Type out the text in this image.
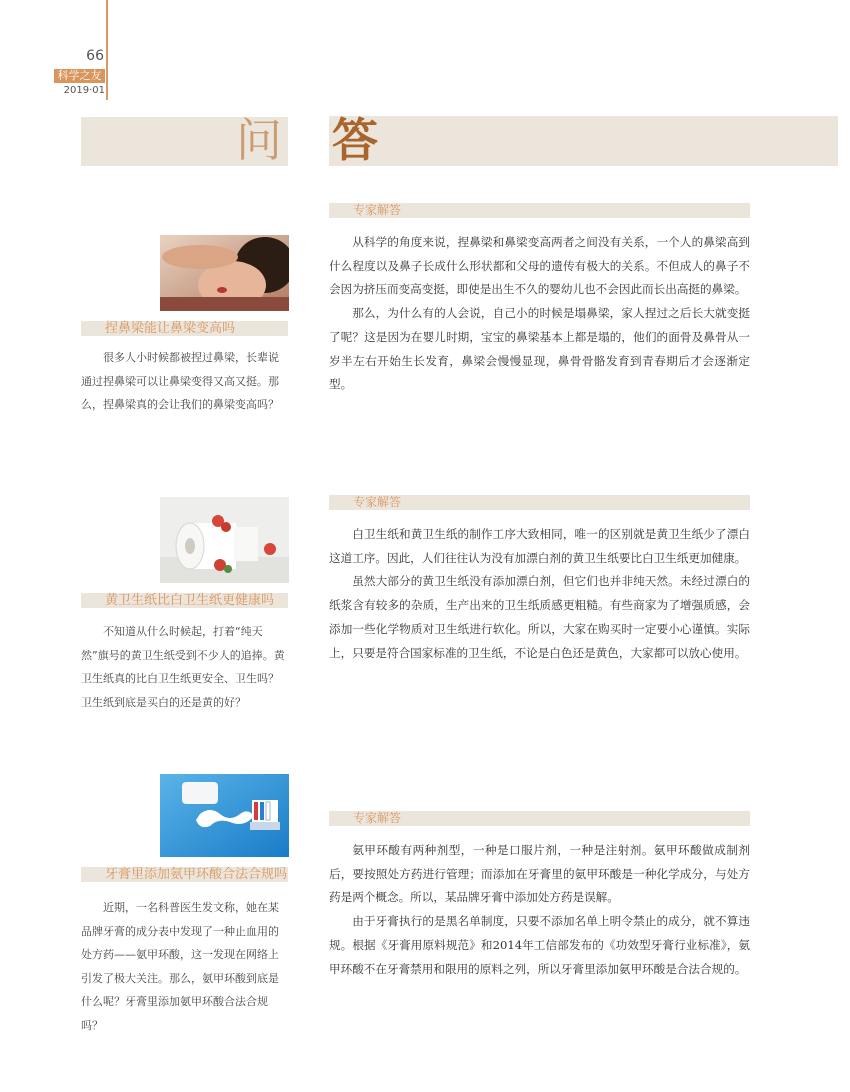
66
科学之友
2019·01
问 答
捏鼻梁能让鼻梁变高吗
很多人小时候都被捏过鼻梁，长辈说通过捏鼻梁可以让鼻梁变得又高又挺。那么，捏鼻梁真的会让我们的鼻梁变高吗？
专家解答

从科学的角度来说，捏鼻梁和鼻梁变高两者之间没有关系，一个人的鼻梁高到什么程度以及鼻子长成什么形状都和父母的遗传有极大的关系。不但成人的鼻子不会因为挤压而变高变挺，即使是出生不久的婴幼儿也不会因此而长出高挺的鼻梁。

那么，为什么有的人会说，自己小的时候是塌鼻梁，家人捏过之后长大就变挺了呢？这是因为在婴儿时期，宝宝的鼻梁基本上都是塌的，他们的面骨及鼻骨从一岁半左右开始生长发育，鼻梁会慢慢显现，鼻骨骨骼发育到青春期后才会逐渐定型。

黄卫生纸比白卫生纸更健康吗
不知道从什么时候起，打着“纯天然”旗号的黄卫生纸受到不少人的追捧。黄卫生纸真的比白卫生纸更安全、卫生吗？卫生纸到底是买白的还是黄的好？
专家解答

白卫生纸和黄卫生纸的制作工序大致相同，唯一的区别就是黄卫生纸少了漂白这道工序。因此，人们往往认为没有加漂白剂的黄卫生纸要比白卫生纸更加健康。

虽然大部分的黄卫生纸没有添加漂白剂，但它们也并非纯天然。未经过漂白的纸浆含有较多的杂质，生产出来的卫生纸质感更粗糙。有些商家为了增强质感，会添加一些化学物质对卫生纸进行软化。所以，大家在购买时一定要小心谨慎。实际上，只要是符合国家标准的卫生纸，不论是白色还是黄色，大家都可以放心使用。

牙膏里添加氨甲环酸合法合规吗
近期，一名科普医生发文称，她在某品牌牙膏的成分表中发现了一种止血用的处方药——氨甲环酸，这一发现在网络上引发了极大关注。那么，氨甲环酸到底是什么呢？牙膏里添加氨甲环酸合法合规吗？
专家解答

氨甲环酸有两种剂型，一种是口服片剂，一种是注射剂。氨甲环酸做成制剂后，要按照处方药进行管理；而添加在牙膏里的氨甲环酸是一种化学成分，与处方药是两个概念。所以，某品牌牙膏中添加处方药是误解。

由于牙膏执行的是黑名单制度，只要不添加名单上明令禁止的成分，就不算违规。根据《牙膏用原料规范》和2014年工信部发布的《功效型牙膏行业标准》，氨甲环酸不在牙膏禁用和限用的原料之列，所以牙膏里添加氨甲环酸是合法合规的。
